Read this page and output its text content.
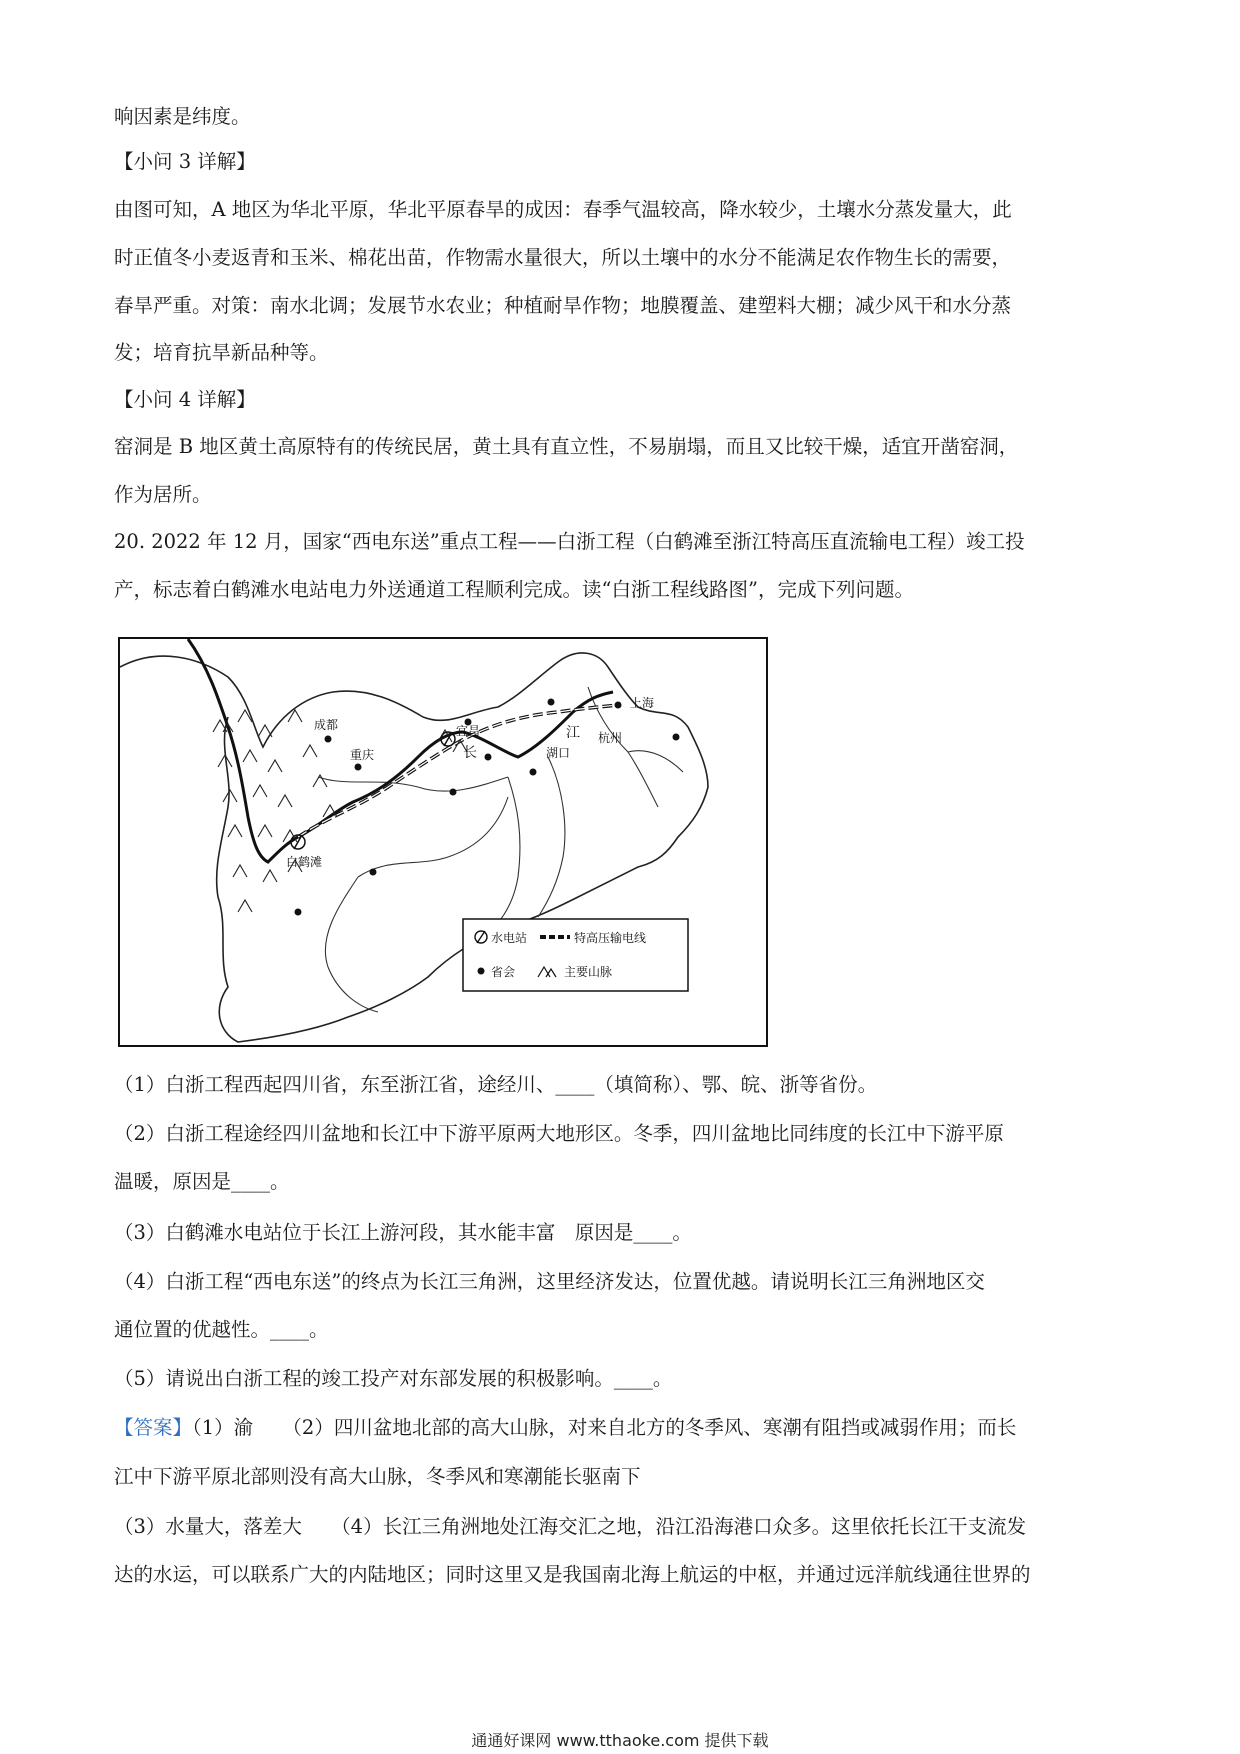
响因素是纬度。

【小问 3 详解】

由图可知，A 地区为华北平原，华北平原春旱的成因：春季气温较高，降水较少，土壤水分蒸发量大，此

时正值冬小麦返青和玉米、棉花出苗，作物需水量很大，所以土壤中的水分不能满足农作物生长的需要，

春旱严重。对策：南水北调；发展节水农业；种植耐旱作物；地膜覆盖、建塑料大棚；减少风干和水分蒸

发；培育抗旱新品种等。

【小问 4 详解】

窑洞是 B 地区黄土高原特有的传统民居，黄土具有直立性，不易崩塌，而且又比较干燥，适宜开凿窑洞，

作为居所。

20. 2022 年 12 月，国家“西电东送”重点工程——白浙工程（白鹤滩至浙江特高压直流输电工程）竣工投

产，标志着白鹤滩水电站电力外送通道工程顺利完成。读“白浙工程线路图”，完成下列问题。

成都
重庆
白鹤滩
宜昌
湖口
杭州
上海
长
江
水电站	特高压输电线
省会	主要山脉

（1）白浙工程西起四川省，东至浙江省，途经川、____（填简称）、鄂、皖、浙等省份。

（2）白浙工程途经四川盆地和长江中下游平原两大地形区。冬季，四川盆地比同纬度的长江中下游平原

温暖，原因是____。

（3）白鹤滩水电站位于长江上游河段，其水能丰富　原因是____。

（4）白浙工程“西电东送”的终点为长江三角洲，这里经济发达，位置优越。请说明长江三角洲地区交

通位置的优越性。____。

（5）请说出白浙工程的竣工投产对东部发展的积极影响。____。

【答案】（1）渝　　（2）四川盆地北部的高大山脉，对来自北方的冬季风、寒潮有阻挡或减弱作用；而长

江中下游平原北部则没有高大山脉，冬季风和寒潮能长驱南下

（3）水量大，落差大　　（4）长江三角洲地处江海交汇之地，沿江沿海港口众多。这里依托长江干支流发

达的水运，可以联系广大的内陆地区；同时这里又是我国南北海上航运的中枢，并通过远洋航线通往世界的

通通好课网 www.tthaoke.com 提供下载
